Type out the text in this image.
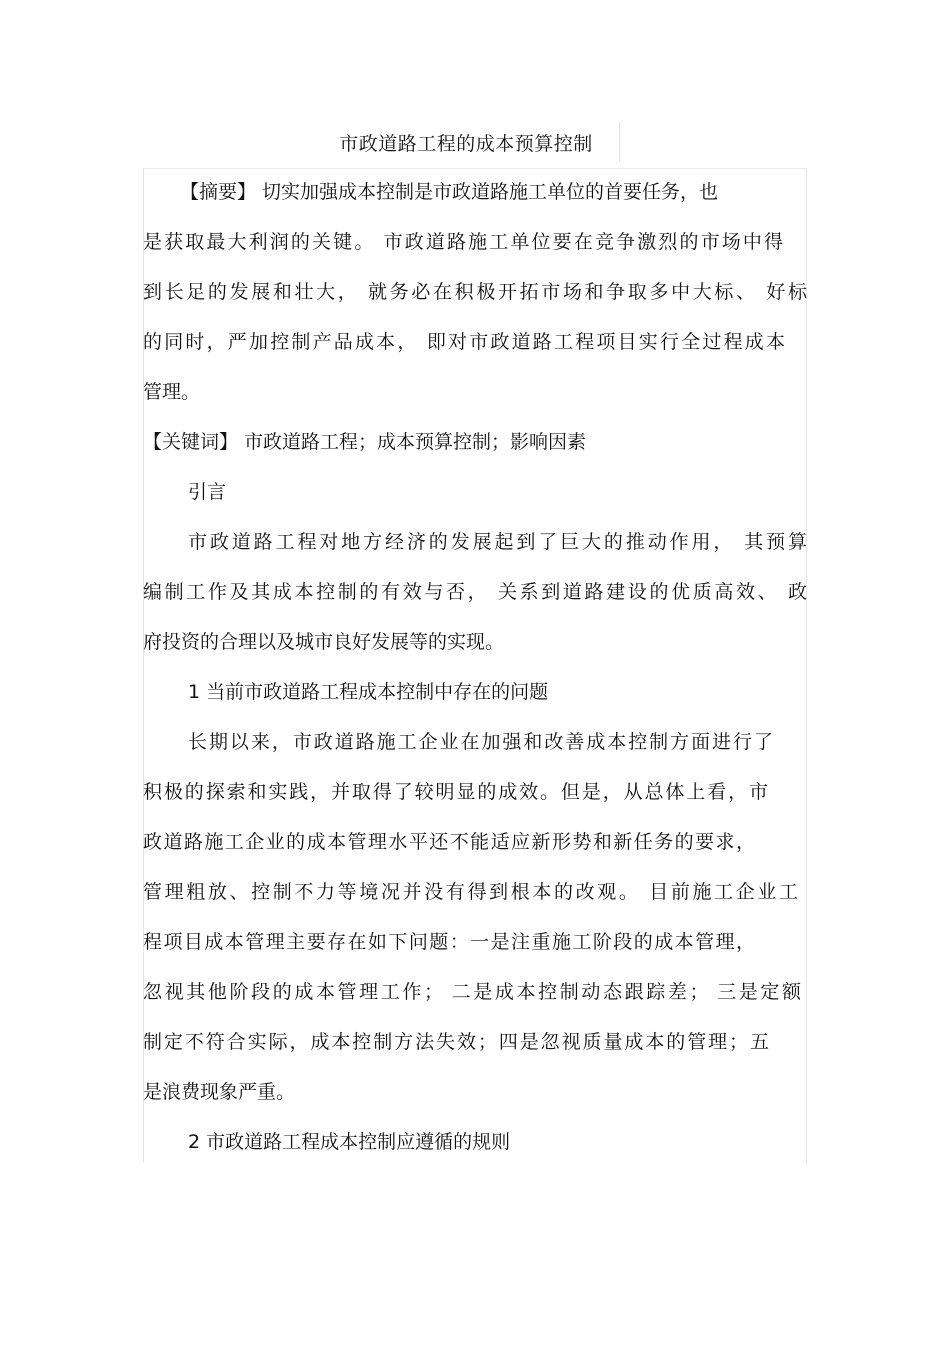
市政道路工程的成本预算控制

【摘要】 切实加强成本控制是市政道路施工单位的首要任务，也

是获取最大利润的关键。 市政道路施工单位要在竞争激烈的市场中得

到长足的发展和壮大， 就务必在积极开拓市场和争取多中大标、 好标

的同时，严加控制产品成本， 即对市政道路工程项目实行全过程成本

管理。

【关键词】 市政道路工程；成本预算控制；影响因素

引言

市政道路工程对地方经济的发展起到了巨大的推动作用， 其预算

编制工作及其成本控制的有效与否， 关系到道路建设的优质高效、 政

府投资的合理以及城市良好发展等的实现。

1 当前市政道路工程成本控制中存在的问题

长期以来，市政道路施工企业在加强和改善成本控制方面进行了

积极的探索和实践，并取得了较明显的成效。但是，从总体上看，市

政道路施工企业的成本管理水平还不能适应新形势和新任务的要求，

管理粗放、控制不力等境况并没有得到根本的改观。 目前施工企业工

程项目成本管理主要存在如下问题：一是注重施工阶段的成本管理，

忽视其他阶段的成本管理工作； 二是成本控制动态跟踪差； 三是定额

制定不符合实际，成本控制方法失效；四是忽视质量成本的管理；五

是浪费现象严重。

2 市政道路工程成本控制应遵循的规则
